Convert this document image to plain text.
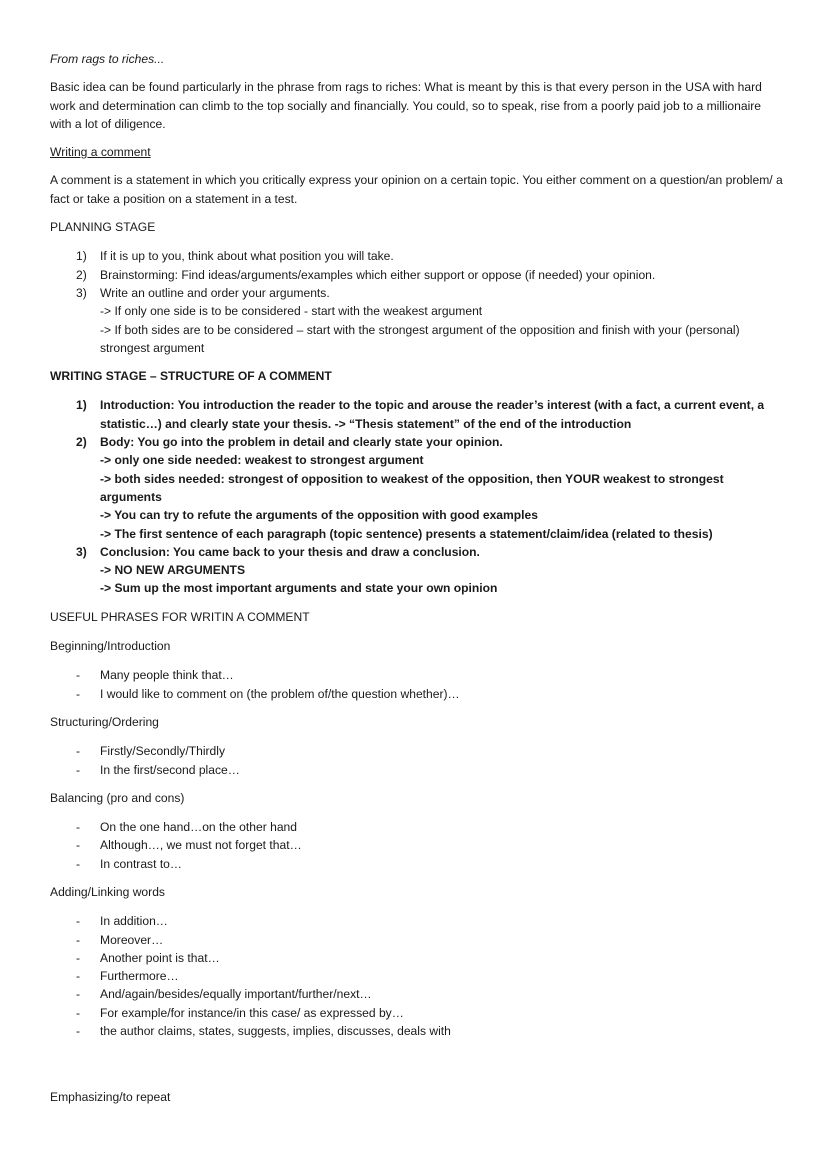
From rags to riches...

Basic idea can be found particularly in the phrase from rags to riches: What is meant by this is that every person in the USA with hard work and determination can climb to the top socially and financially. You could, so to speak, rise from a poorly paid job to a millionaire with a lot of diligence.

Writing a comment

A comment is a statement in which you critically express your opinion on a certain topic. You either comment on a question/an problem/ a fact or take a position on a statement in a test.

PLANNING STAGE

1) If it is up to you, think about what position you will take.
2) Brainstorming: Find ideas/arguments/examples which either support or oppose (if needed) your opinion.
3) Write an outline and order your arguments.
-> If only one side is to be considered - start with the weakest argument
-> If both sides are to be considered – start with the strongest argument of the opposition and finish with your (personal) strongest argument

WRITING STAGE – STRUCTURE OF A COMMENT

1) Introduction: You introduction the reader to the topic and arouse the reader’s interest (with a fact, a current event, a statistic…) and clearly state your thesis. -> “Thesis statement” of the end of the introduction
2) Body: You go into the problem in detail and clearly state your opinion.
-> only one side needed: weakest to strongest argument
-> both sides needed: strongest of opposition to weakest of the opposition, then YOUR weakest to strongest arguments
-> You can try to refute the arguments of the opposition with good examples
-> The first sentence of each paragraph (topic sentence) presents a statement/claim/idea (related to thesis)
3) Conclusion: You came back to your thesis and draw a conclusion.
-> NO NEW ARGUMENTS
-> Sum up the most important arguments and state your own opinion

USEFUL PHRASES FOR WRITIN A COMMENT

Beginning/Introduction

- Many people think that…
- I would like to comment on (the problem of/the question whether)…

Structuring/Ordering

- Firstly/Secondly/Thirdly
- In the first/second place…

Balancing (pro and cons)

- On the one hand…on the other hand
- Although…, we must not forget that…
- In contrast to…

Adding/Linking words

- In addition…
- Moreover…
- Another point is that…
- Furthermore…
- And/again/besides/equally important/further/next…
- For example/for instance/in this case/ as expressed by…
- the author claims, states, suggests, implies, discusses, deals with

Emphasizing/to repeat
